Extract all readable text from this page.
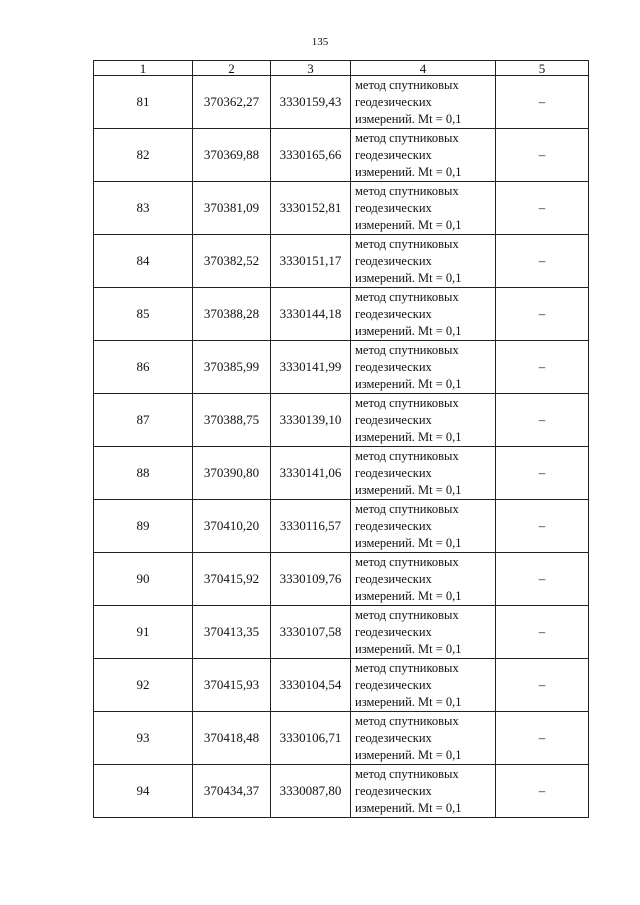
135
1	2	3	4	5
81	370362,27	3330159,43	метод спутниковых
геодезических
измерений. Mt = 0,1	–
82	370369,88	3330165,66	метод спутниковых
геодезических
измерений. Mt = 0,1	–
83	370381,09	3330152,81	метод спутниковых
геодезических
измерений. Mt = 0,1	–
84	370382,52	3330151,17	метод спутниковых
геодезических
измерений. Mt = 0,1	–
85	370388,28	3330144,18	метод спутниковых
геодезических
измерений. Mt = 0,1	–
86	370385,99	3330141,99	метод спутниковых
геодезических
измерений. Mt = 0,1	–
87	370388,75	3330139,10	метод спутниковых
геодезических
измерений. Mt = 0,1	–
88	370390,80	3330141,06	метод спутниковых
геодезических
измерений. Mt = 0,1	–
89	370410,20	3330116,57	метод спутниковых
геодезических
измерений. Mt = 0,1	–
90	370415,92	3330109,76	метод спутниковых
геодезических
измерений. Mt = 0,1	–
91	370413,35	3330107,58	метод спутниковых
геодезических
измерений. Mt = 0,1	–
92	370415,93	3330104,54	метод спутниковых
геодезических
измерений. Mt = 0,1	–
93	370418,48	3330106,71	метод спутниковых
геодезических
измерений. Mt = 0,1	–
94	370434,37	3330087,80	метод спутниковых
геодезических
измерений. Mt = 0,1	–
